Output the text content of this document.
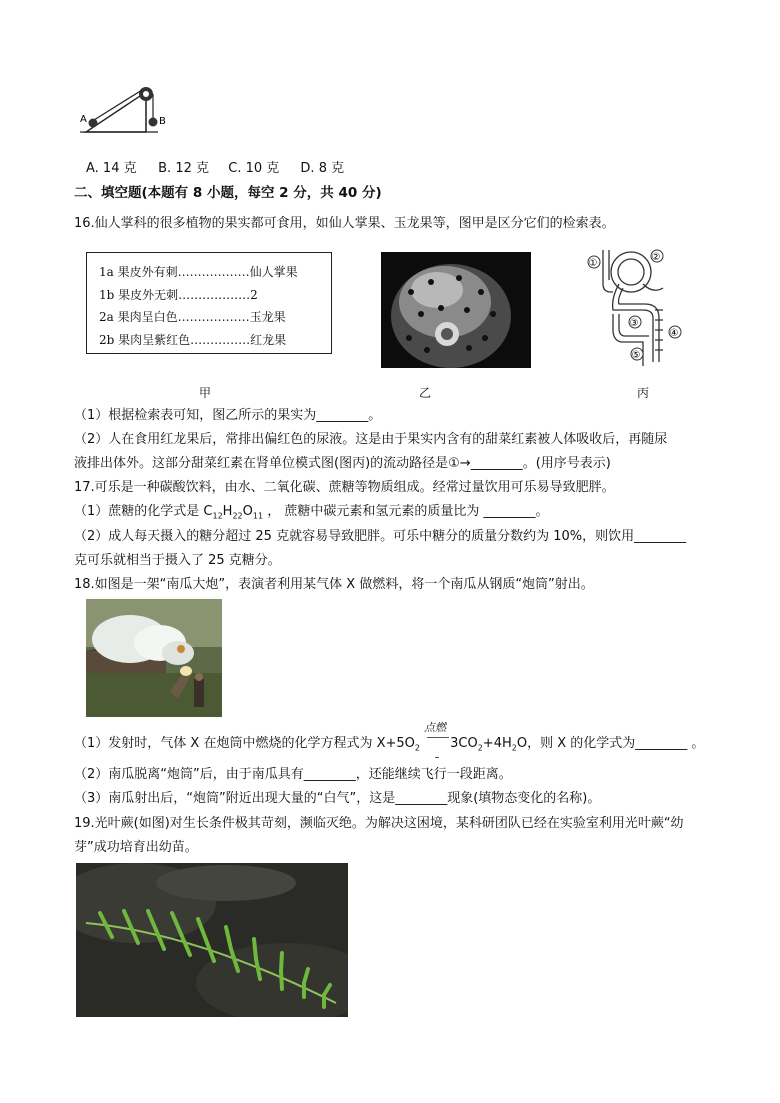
A	B
A. 14 克 B. 12 克 C. 10 克 D. 8 克
二、填空题(本题有 8 小题，每空 2 分，共 40 分)
16.仙人掌科的很多植物的果实都可食用，如仙人掌果、玉龙果等，图甲是区分它们的检索表。
1a 果皮外有刺………………仙人掌果
1b 果皮外无刺………………2
2a 果肉呈白色………………玉龙果
2b 果肉呈紫红色……………红龙果
①
②
③
④
⑤
甲	乙	丙
（1）根据检索表可知，图乙所示的果实为________。
（2）人在食用红龙果后，常排出偏红色的尿液。这是由于果实内含有的甜菜红素被人体吸收后，再随尿
液排出体外。这部分甜菜红素在肾单位模式图(图丙)的流动路径是①→________。(用序号表示)
17.可乐是一种碳酸饮料，由水、二氧化碳、蔗糖等物质组成。经常过量饮用可乐易导致肥胖。
（1）蔗糖的化学式是 $C_{12}H_{22}O_{11}$ ， 蔗糖中碳元素和氢元素的质量比为 ________。
（2）成人每天摄入的糖分超过 25 克就容易导致肥胖。可乐中糖分的质量分数约为 10%，则饮用________
克可乐就相当于摄入了 25 克糖分。
18.如图是一架“南瓜大炮”，表演者利用某气体 X 做燃料，将一个南瓜从钢质“炮筒”射出。
点燃
（1）发射时，气体 X 在炮筒中燃烧的化学方程式为 $X+5O_2$ $3CO_2+4H_2O$，则 X 的化学式为________ 。
（2）南瓜脱离“炮筒”后，由于南瓜具有________，还能继续飞行一段距离。
（3）南瓜射出后，“炮筒”附近出现大量的“白气”，这是________现象(填物态变化的名称)。
19.光叶蕨(如图)对生长条件极其苛刻，濒临灭绝。为解决这困境，某科研团队已经在实验室利用光叶蕨“幼
芽”成功培育出幼苗。
